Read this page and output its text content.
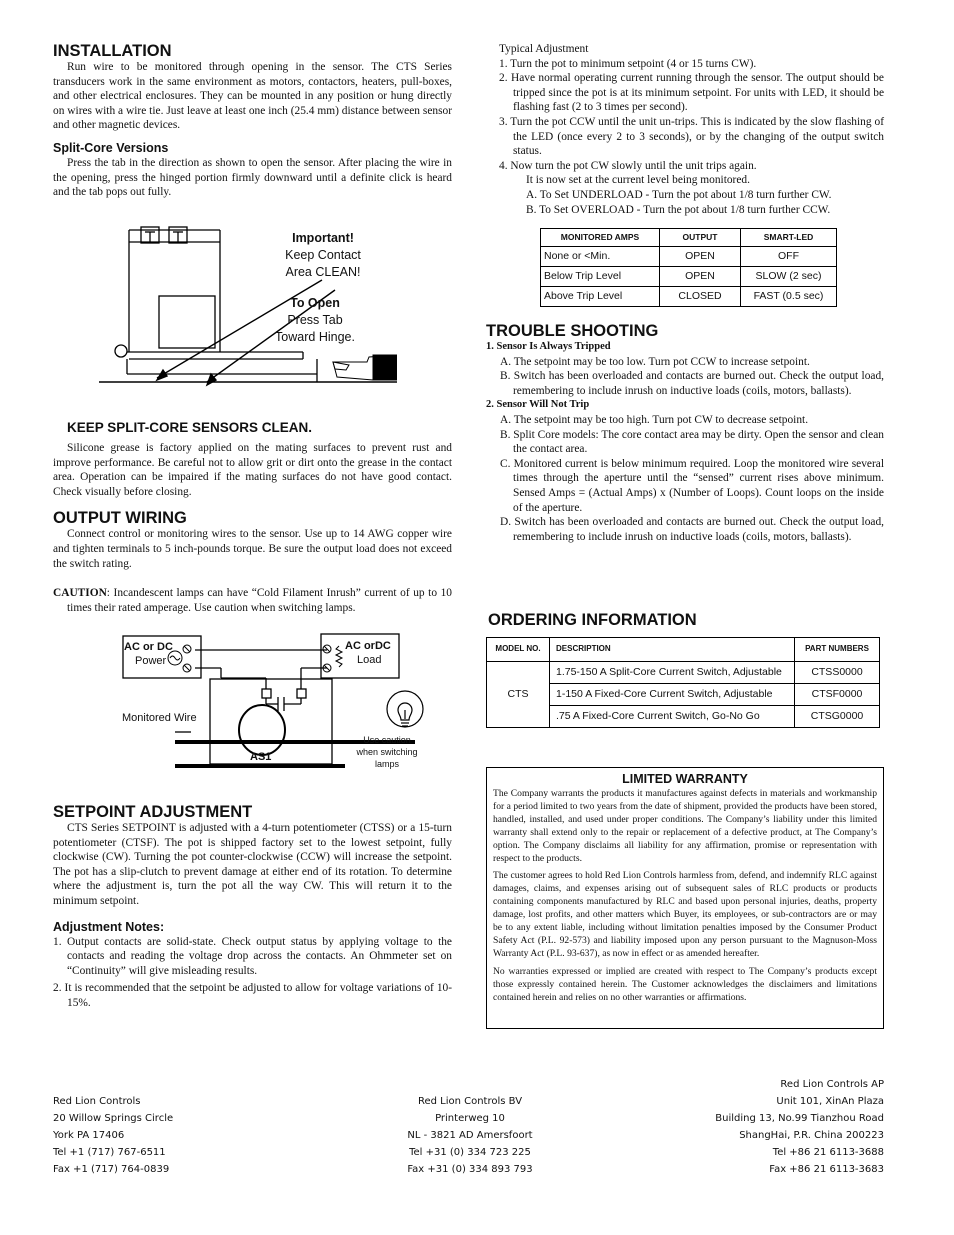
INSTALLATION

Run wire to be monitored through opening in the sensor. The CTS Series transducers work in the same environment as motors, contactors, heaters, pull-boxes, and other electrical enclosures. They can be mounted in any position or hung directly on wires with a wire tie. Just leave at least one inch (25.4 mm) distance between sensor and other magnetic devices.

Split-Core Versions

Press the tab in the direction as shown to open the sensor. After placing the wire in the opening, press the hinged portion firmly downward until a definite click is heard and the tab pops out fully.

Important!
Keep Contact
Area CLEAN!
To Open
Press Tab
Toward Hinge.
KEEP SPLIT-CORE SENSORS CLEAN.

Silicone grease is factory applied on the mating surfaces to prevent rust and improve performance. Be careful not to allow grit or dirt onto the grease in the contact area. Operation can be impaired if the mating surfaces do not have good contact. Check visually before closing.

OUTPUT WIRING

Connect control or monitoring wires to the sensor. Use up to 14 AWG copper wire and tighten terminals to 5 inch-pounds torque. Be sure the output load does not exceed the switch rating.

CAUTION: Incandescent lamps can have “Cold Filament Inrush” current of up to 10 times their rated amperage. Use caution when switching lamps.

AC or DC
Power
AC orDC
Load
Monitored Wire
AS1
Use caution
when switching
lamps
SETPOINT ADJUSTMENT

CTS Series SETPOINT is adjusted with a 4-turn potentiometer (CTSS) or a 15-turn potentiometer (CTSF). The pot is shipped factory set to the lowest setpoint, fully clockwise (CW). Turning the pot counter-clockwise (CCW) will increase the setpoint. The pot has a slip-clutch to prevent damage at either end of its rotation. To determine where the adjustment is, turn the pot all the way CW. This will return it to the minimum setpoint.

Adjustment Notes:

1. Output contacts are solid-state. Check output status by applying voltage to the contacts and reading the voltage drop across the contacts. An Ohmmeter set on “Continuity” will give misleading results.

2. It is recommended that the setpoint be adjusted to allow for voltage variations of 10-15%.

Typical Adjustment

1. Turn the pot to minimum setpoint (4 or 15 turns CW).

2. Have normal operating current running through the sensor. The output should be tripped since the pot is at its minimum setpoint. For units with LED, it should be flashing fast (2 to 3 times per second).

3. Turn the pot CCW until the unit un-trips. This is indicated by the slow flashing of the LED (once every 2 to 3 seconds), or by the changing of the output switch status.

4. Now turn the pot CW slowly until the unit trips again.

It is now set at the current level being monitored.

A. To Set UNDERLOAD - Turn the pot about 1/8 turn further CW.

B. To Set OVERLOAD - Turn the pot about 1/8 turn further CCW.

MONITORED AMPS	OUTPUT	SMART-LED
None or <Min.	OPEN	OFF
Below Trip Level	OPEN	SLOW (2 sec)
Above Trip Level	CLOSED	FAST (0.5 sec)
TROUBLE SHOOTING

1. Sensor Is Always Tripped

A. The setpoint may be too low. Turn pot CCW to increase setpoint.

B. Switch has been overloaded and contacts are burned out. Check the output load, remembering to include inrush on inductive loads (coils, motors, ballasts).

2. Sensor Will Not Trip

A. The setpoint may be too high. Turn pot CW to decrease setpoint.

B. Split Core models: The core contact area may be dirty. Open the sensor and clean the contact area.

C. Monitored current is below minimum required. Loop the monitored wire several times through the aperture until the “sensed” current rises above minimum. Sensed Amps = (Actual Amps) x (Number of Loops). Count loops on the inside of the aperture.

D. Switch has been overloaded and contacts are burned out. Check the output load, remembering to include inrush on inductive loads (coils, motors, ballasts).

ORDERING INFORMATION
MODEL NO.	DESCRIPTION	PART NUMBERS
CTS	1.75-150 A Split-Core Current Switch, Adjustable	CTSS0000
	1-150 A Fixed-Core Current Switch, Adjustable	CTSF0000
	.75 A Fixed-Core Current Switch, Go-No Go	CTSG0000
LIMITED WARRANTY

The Company warrants the products it manufactures against defects in materials and workmanship for a period limited to two years from the date of shipment, provided the products have been stored, handled, installed, and used under proper conditions. The Company’s liability under this limited warranty shall extend only to the repair or replacement of a defective product, at The Company’s option. The Company disclaims all liability for any affirmation, promise or representation with respect to the products.

The customer agrees to hold Red Lion Controls harmless from, defend, and indemnify RLC against damages, claims, and expenses arising out of subsequent sales of RLC products or products containing components manufactured by RLC and based upon personal injuries, deaths, property damage, lost profits, and other matters which Buyer, its employees, or sub-contractors are or may be to any extent liable, including without limitation penalties imposed by the Consumer Product Safety Act (P.L. 92-573) and liability imposed upon any person pursuant to the Magnuson-Moss Warranty Act (P.L. 93-637), as now in effect or as amended hereafter.

No warranties expressed or implied are created with respect to The Company’s products except those expressly contained herein. The Customer acknowledges the disclaimers and limitations contained herein and relies on no other warranties or affirmations.

Red Lion Controls
20 Willow Springs Circle
York PA 17406
Tel +1 (717) 767-6511
Fax +1 (717) 764-0839
Red Lion Controls BV
Printerweg 10
NL - 3821 AD Amersfoort
Tel +31 (0) 334 723 225
Fax +31 (0) 334 893 793
Red Lion Controls AP
Unit 101, XinAn Plaza
Building 13, No.99 Tianzhou Road
ShangHai, P.R. China 200223
Tel +86 21 6113-3688
Fax +86 21 6113-3683
